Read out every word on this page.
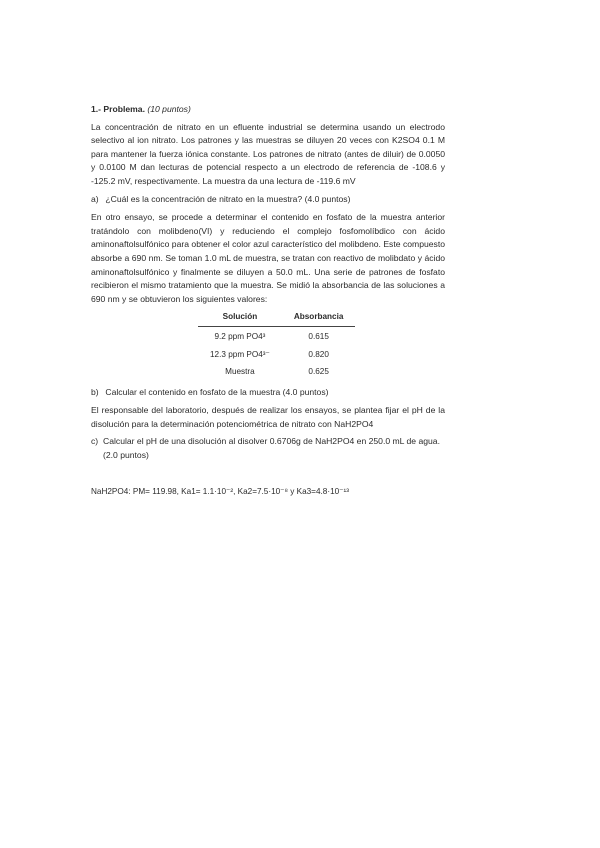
1.- Problema. (10 puntos)

La concentración de nitrato en un efluente industrial se determina usando un electrodo selectivo al ion nitrato. Los patrones y las muestras se diluyen 20 veces con K2SO4 0.1 M para mantener la fuerza iónica constante. Los patrones de nitrato (antes de diluir) de 0.0050 y 0.0100 M dan lecturas de potencial respecto a un electrodo de referencia de -108.6 y -125.2 mV, respectivamente. La muestra da una lectura de -119.6 mV

a) ¿Cuál es la concentración de nitrato en la muestra? (4.0 puntos)

En otro ensayo, se procede a determinar el contenido en fosfato de la muestra anterior tratándolo con molibdeno(VI) y reduciendo el complejo fosfomolíbdico con ácido aminonaftolsulfónico para obtener el color azul característico del molibdeno. Este compuesto absorbe a 690 nm. Se toman 1.0 mL de muestra, se tratan con reactivo de molibdato y ácido aminonaftolsulfónico y finalmente se diluyen a 50.0 mL. Una serie de patrones de fosfato recibieron el mismo tratamiento que la muestra. Se midió la absorbancia de las soluciones a 690 nm y se obtuvieron los siguientes valores:

Solución	Absorbancia
9.2 ppm PO4³	0.615
12.3 ppm PO4³⁻	0.820
Muestra	0.625
b) Calcular el contenido en fosfato de la muestra (4.0 puntos)

El responsable del laboratorio, después de realizar los ensayos, se plantea fijar el pH de la disolución para la determinación potenciométrica de nitrato con NaH2PO4

c) Calcular el pH de una disolución al disolver 0.6706g de NaH2PO4 en 250.0 mL de agua. (2.0 puntos)
NaH2PO4: PM= 119.98, Ka1= 1.1·10⁻², Ka2=7.5·10⁻⁸ y Ka3=4.8·10⁻¹³
